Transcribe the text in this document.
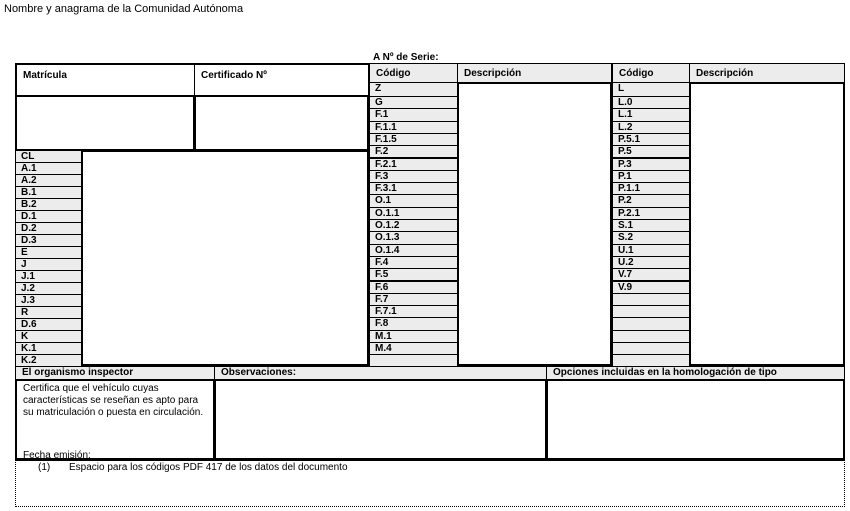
Nombre y anagrama de la Comunidad Autónoma
A Nº de Serie:
Matrícula	Certificado Nº
CL
A.1
A.2
B.1
B.2
D.1
D.2
D.3
E
J
J.1
J.2
J.3
R
D.6
K
K.1
K.2
Código	Descripción
Z
G
F.1
F.1.1
F.1.5
F.2
F.2.1
F.3
F.3.1
O.1
O.1.1
O.1.2
O.1.3
O.1.4
F.4
F.5
F.6
F.7
F.7.1
F.8
M.1
M.4
Código	Descripción
L
L.0
L.1
L.2
P.5.1
P.5
P.3
P.1
P.1.1
P.2
P.2.1
S.1
S.2
U.1
U.2
V.7
V.9
El organismo inspector	Observaciones:	Opciones incluidas en la homologación de tipo
Certifica que el vehículo cuyas características se reseñan es apto para su matriculación o puesta en circulación.
Fecha emisión:
(1) Espacio para los códigos PDF 417 de los datos del documento
